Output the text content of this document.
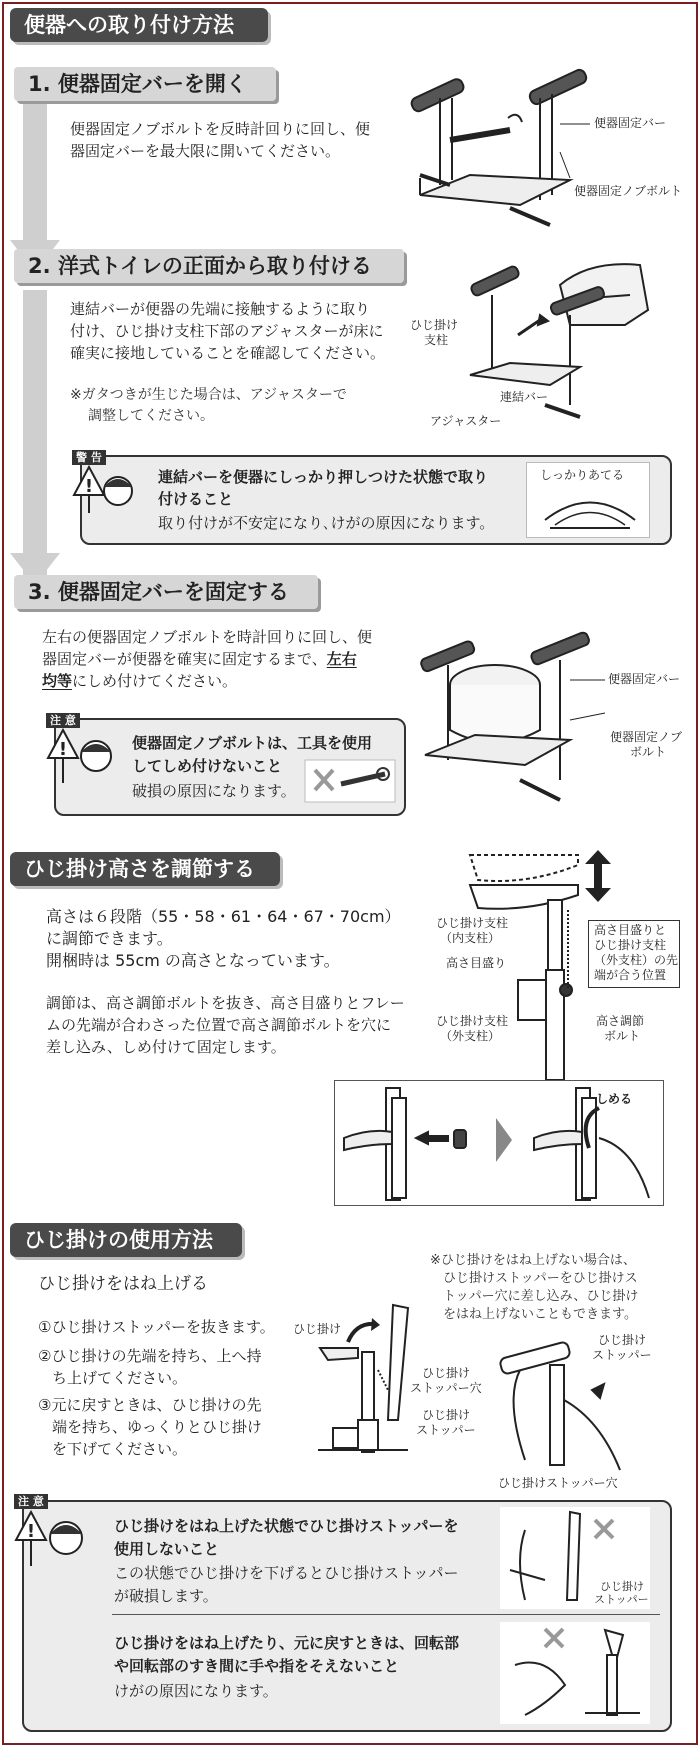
便器への取り付け方法
1. 便器固定バーを開く
便器固定ノブボルトを反時計回りに回し、便
器固定バーを最大限に開いてください。
便器固定バー
便器固定ノブボルト
2. 洋式トイレの正面から取り付ける
連結バーが便器の先端に接触するように取り
付け、ひじ掛け支柱下部のアジャスターが床に
確実に接地していることを確認してください。
※ガタつきが生じた場合は、アジャスターで
調整してください。
ひじ掛け
支柱
連結バー
アジャスター
警 告
!	連結バーを便器にしっかり押しつけた状態で取り
付けること
取り付けが不安定になり､けがの原因になります。
しっかりあてる
3. 便器固定バーを固定する
左右の便器固定ノブボルトを時計回りに回し、便
器固定バーが便器を確実に固定するまで、左右
均等にしめ付けてください。	便器固定バー
便器固定ノブ
ボルト
注 意
!	便器固定ノブボルトは、工具を使用
してしめ付けないこと
破損の原因になります。
ひじ掛け高さを調節する
高さは６段階（55・58・61・64・67・70cm）
に調節できます。
開梱時は 55cm の高さとなっています。
調節は、高さ調節ボルトを抜き、高さ目盛りとフレー
ムの先端が合わさった位置で高さ調節ボルトを穴に
差し込み、しめ付けて固定します。
ひじ掛け支柱
（内支柱）
高さ目盛り
ひじ掛け支柱
（外支柱）
高さ調節
ボルト
高さ目盛りと
ひじ掛け支柱
（外支柱）の先
端が合う位置
しめる
ひじ掛けの使用方法
ひじ掛けをはね上げる
①ひじ掛けストッパーを抜きます。
②ひじ掛けの先端を持ち、上へ持
ち上げてください。
③元に戻すときは、ひじ掛けの先
端を持ち、ゆっくりとひじ掛け
を下げてください。
※ひじ掛けをはね上げない場合は、
ひじ掛けストッパーをひじ掛けス
トッパー穴に差し込み、ひじ掛け
をはね上げないこともできます。
ひじ掛け
ひじ掛け
ストッパー穴
ひじ掛け
ストッパー
ひじ掛け
ストッパー
ひじ掛けストッパー穴
注 意
!	ひじ掛けをはね上げた状態でひじ掛けストッパーを
使用しないこと
この状態でひじ掛けを下げるとひじ掛けストッパー
が破損します。
ひじ掛け
ストッパー
ひじ掛けをはね上げたり、元に戻すときは、回転部
や回転部のすき間に手や指をそえないこと
けがの原因になります。
